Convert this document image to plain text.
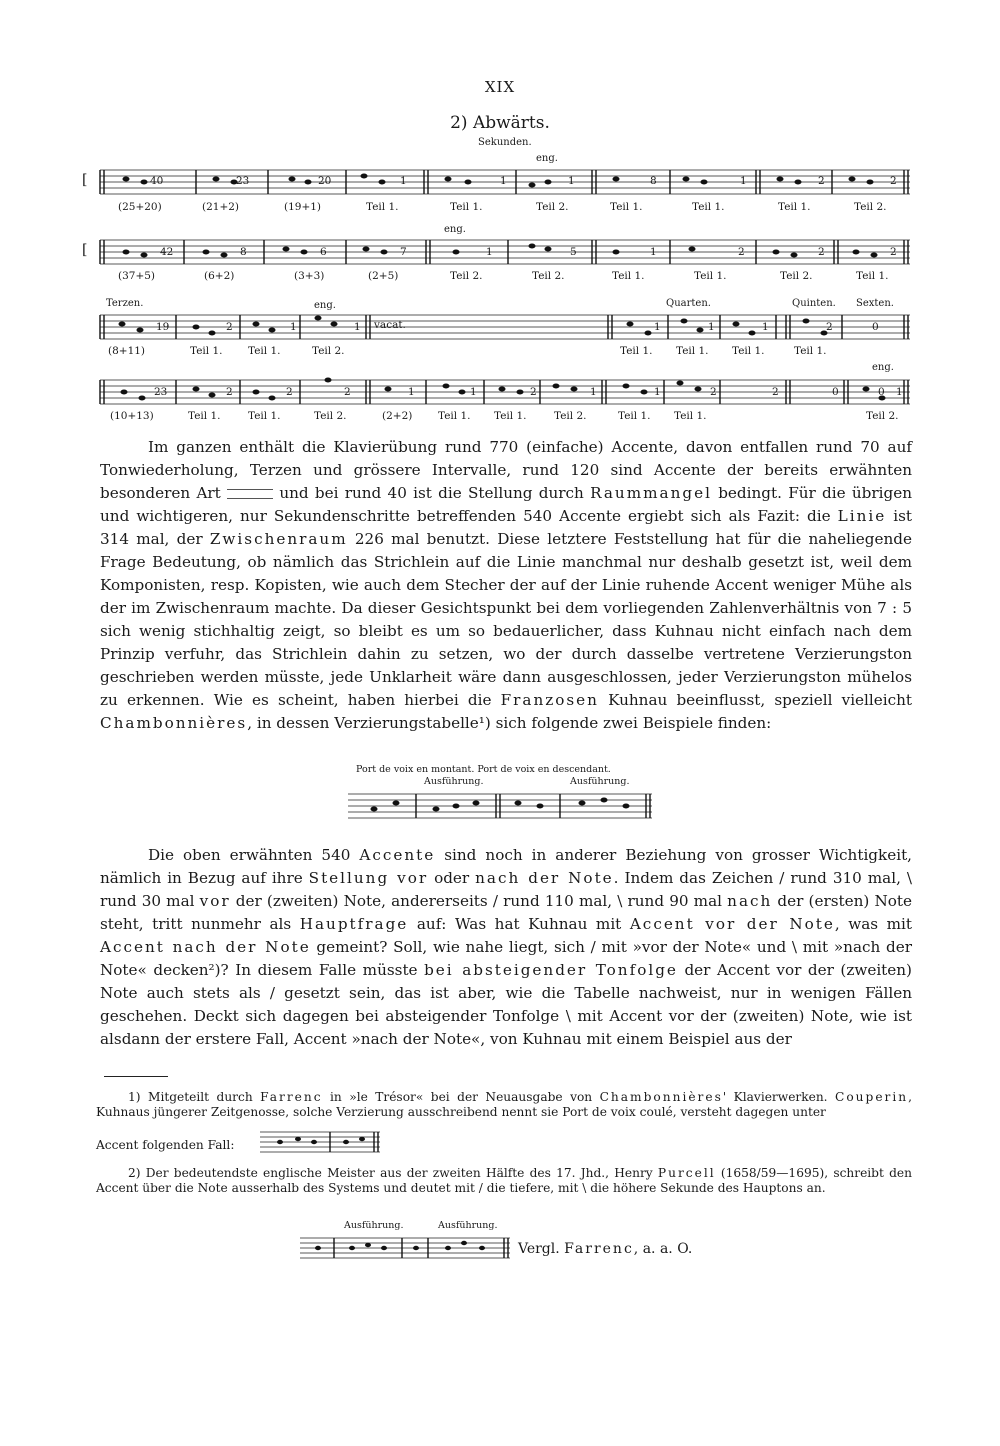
XIX
2) Abwärts.
Sekunden.
eng.
[	40	23	20	1	1	1	8	1	2	2
(25+20)	(21+2)	(19+1)	Teil 1.	Teil 1.	Teil 2.	Teil 1.	Teil 1.	Teil 1.	Teil 2.
eng.
[	42	8	6	7	1	5	1	2	2	2
(37+5)	(6+2)	(3+3)	(2+5)	Teil 2.	Teil 2.	Teil 1.	Teil 1.	Teil 2.	Teil 1.
Terzen.	eng.	Quarten.	Quinten. Sexten.
vacat.
19	2	1	1	1	1	1	2	0
(8+11)	Teil 1. Teil 1.	Teil 2.	Teil 1. Teil 1. Teil 1.	Teil 1.
eng.
23	2	2	2	1	1	2	1	1	2	2	0	0 1
(10+13)	Teil 1.	Teil 1.	Teil 2.	(2+2) Teil 1. Teil 1.	Teil 2.	Teil 1. Teil 1.	Teil 2.

Im ganzen enthält die Klavierübung rund 770 (einfache) Accente, davon entfallen rund 70 auf Tonwiederholung, Terzen und grössere Intervalle, rund 120 sind Accente der bereits erwähnten besonderen Art	und bei rund 40 ist die Stellung durch Raummangel bedingt. Für die übrigen und wichtigeren, nur Sekundenschritte betreffenden 540 Accente ergiebt sich als Fazit: die Linie ist 314 mal, der Zwischenraum 226 mal benutzt. Diese letztere Feststellung hat für die naheliegende Frage Bedeutung, ob nämlich das Strichlein auf die Linie manchmal nur deshalb gesetzt ist, weil dem Komponisten, resp. Kopisten, wie auch dem Stecher der auf der Linie ruhende Accent weniger Mühe als der im Zwischenraum machte. Da dieser Gesichtspunkt bei dem vorliegenden Zahlenverhältnis von 7 : 5 sich wenig stichhaltig zeigt, so bleibt es um so bedauerlicher, dass Kuhnau nicht einfach nach dem Prinzip verfuhr, das Strichlein dahin zu setzen, wo der durch dasselbe vertretene Verzierungston geschrieben werden müsste, jede Unklarheit wäre dann ausgeschlossen, jeder Verzierungston mühelos zu erkennen. Wie es scheint, haben hierbei die Franzosen Kuhnau beeinflusst, speziell vielleicht Chambonnières, in dessen Verzierungstabelle¹) sich folgende zwei Beispiele finden:

Port de voix en montant. Port de voix en descendant.
Ausführung.	Ausführung.

Die oben erwähnten 540 Accente sind noch in anderer Beziehung von grosser Wichtigkeit, nämlich in Bezug auf ihre Stellung vor oder nach der Note. Indem das Zeichen / rund 310 mal, \ rund 30 mal vor der (zweiten) Note, andererseits / rund 110 mal, \ rund 90 mal nach der (ersten) Note steht, tritt nunmehr als Hauptfrage auf: Was hat Kuhnau mit Accent vor der Note, was mit Accent nach der Note gemeint? Soll, wie nahe liegt, sich / mit »vor der Note« und \ mit »nach der Note« decken²)? In diesem Falle müsste bei absteigender Tonfolge der Accent vor der (zweiten) Note auch stets als / gesetzt sein, das ist aber, wie die Tabelle nachweist, nur in wenigen Fällen geschehen. Deckt sich dagegen bei absteigender Tonfolge \ mit Accent vor der (zweiten) Note, wie ist alsdann der erstere Fall, Accent »nach der Note«, von Kuhnau mit einem Beispiel aus der

1) Mitgeteilt durch Farrenc in »le Trésor« bei der Neuausgabe von Chambonnières' Klavierwerken. Couperin, Kuhnaus jüngerer Zeitgenosse, solche Verzierung ausschreibend nennt sie Port de voix coulé, versteht dagegen unter

Accent folgenden Fall:

2) Der bedeutendste englische Meister aus der zweiten Hälfte des 17. Jhd., Henry Purcell (1658/59—1695), schreibt den Accent über die Note ausserhalb des Systems und deutet mit / die tiefere, mit \ die höhere Sekunde des Hauptons an.

Ausführung.	Ausführung.
Vergl. Farrenc, a. a. O.
